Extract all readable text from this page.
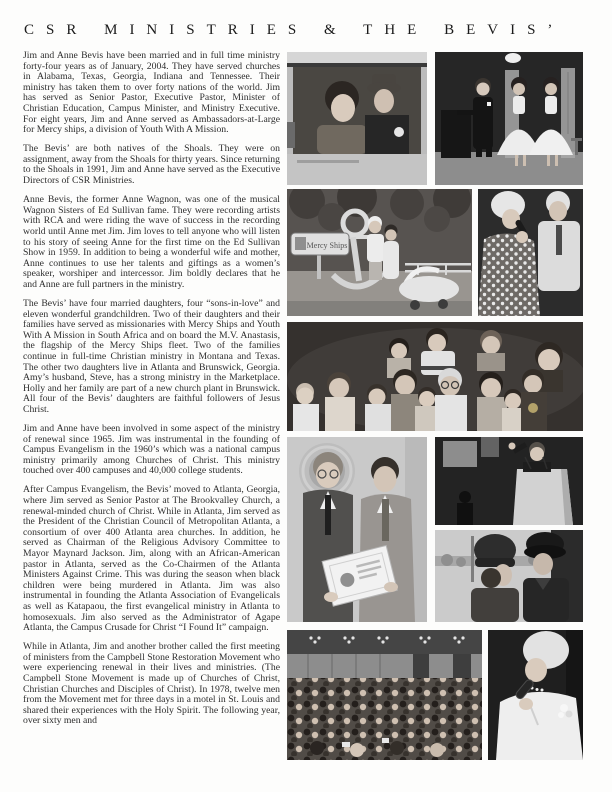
CSR MINISTRIES & THE BEVIS’

Jim and Anne Bevis have been married and in full time ministry forty-four years as of January, 2004. They have served churches in Alabama, Texas, Georgia, Indiana and Tennessee. Their ministry has taken them to over forty nations of the world. Jim has served as Senior Pastor, Executive Pastor, Minister of Christian Education, Campus Minister, and Ministry Executive. For eight years, Jim and Anne served as Ambassadors-at-Large for Mercy ships, a division of Youth With A Mission.

The Bevis’ are both natives of the Shoals. They were on assignment, away from the Shoals for thirty years. Since returning to the Shoals in 1991, Jim and Anne have served as the Executive Directors of CSR Ministries.

Anne Bevis, the former Anne Wagnon, was one of the musical Wagnon Sisters of Ed Sullivan fame. They were recording artists with RCA and were riding the wave of success in the recording world until Anne met Jim. Jim loves to tell anyone who will listen to his story of seeing Anne for the first time on the Ed Sullivan Show in 1959. In addition to being a wonderful wife and mother, Anne continues to use her talents and giftings as a women’s speaker, worshiper and intercessor. Jim boldly declares that he and Anne are full partners in the ministry.

The Bevis’ have four married daughters, four “sons-in-love” and eleven wonderful grandchildren. Two of their daughters and their families have served as missionaries with Mercy Ships and Youth With A Mission in South Africa and on board the M.V. Anastasis, the flagship of the Mercy Ships fleet. Two of the families continue in full-time Christian ministry in Montana and Texas. The other two daughters live in Atlanta and Brunswick, Georgia. Amy’s husband, Steve, has a strong ministry in the Marketplace. Holly and her family are part of a new church plant in Brunswick. All four of the Bevis’ daughters are faithful followers of Jesus Christ.

Jim and Anne have been involved in some aspect of the ministry of renewal since 1965. Jim was instrumental in the founding of Campus Evangelism in the 1960’s which was a national campus ministry primarily among Churches of Christ. This ministry touched over 400 campuses and 40,000 college students.

After Campus Evangelism, the Bevis’ moved to Atlanta, Georgia, where Jim served as Senior Pastor at The Brookvalley Church, a renewal-minded church of Christ. While in Atlanta, Jim served as the President of the Christian Council of Metropolitan Atlanta, a consortium of over 400 Atlanta area churches. In addition, he served as Chairman of the Religious Advisory Committee to Mayor Maynard Jackson. Jim, along with an African-American pastor in Atlanta, served as the Co-Chairmen of the Atlanta Ministers Against Crime. This was during the season when black children were being murdered in Atlanta. Jim was also instrumental in founding the Atlanta Association of Evangelicals as well as Katapaou, the first evangelical ministry in Atlanta to homosexuals. Jim also served as the Administrator of Agape Atlanta, the Campus Crusade for Christ “I Found It” campaign.

While in Atlanta, Jim and another brother called the first meeting of ministers from the Campbell Stone Restoration Movement who were experiencing renewal in their lives and ministries. (The Campbell Stone Movement is made up of Churches of Christ, Christian Churches and Disciples of Christ). In 1978, twelve men from the Movement met for three days in a motel in St. Louis and shared their experiences with the Holy Spirit. The following year, over sixty men and

Mercy Ships
